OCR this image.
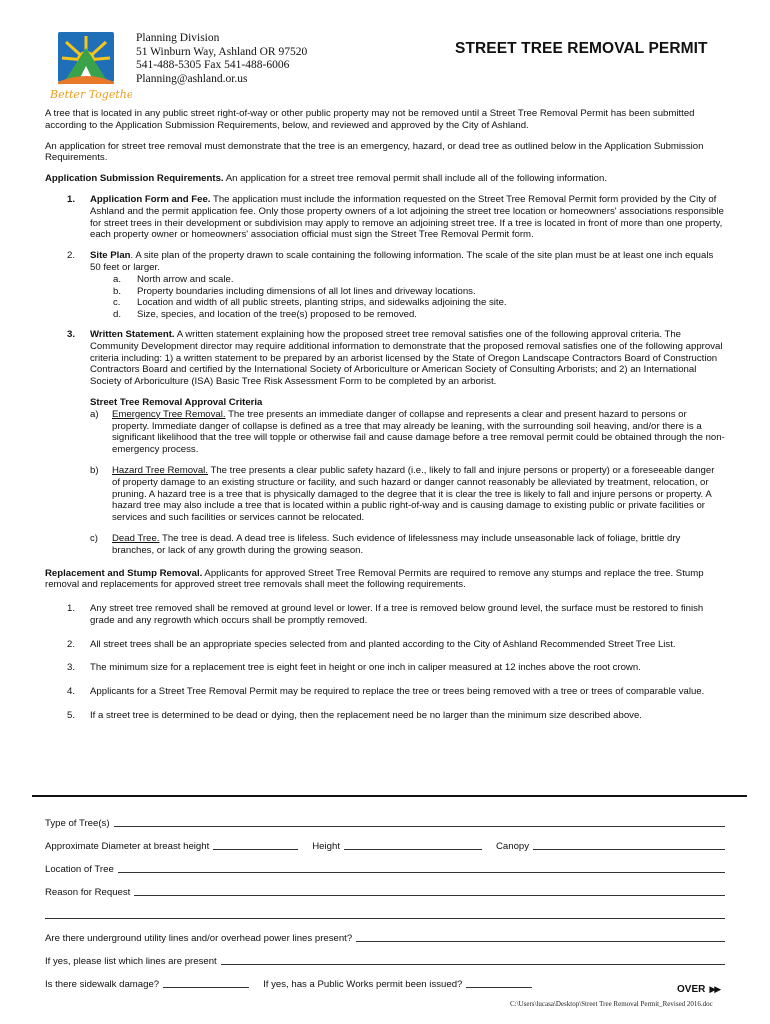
Better Together
Planning Division
51 Winburn Way, Ashland OR 97520
541-488-5305 Fax 541-488-6006
Planning@ashland.or.us
STREET TREE REMOVAL PERMIT

A tree that is located in any public street right-of-way or other public property may not be removed until a Street Tree Removal Permit has been submitted according to the Application Submission Requirements, below, and reviewed and approved by the City of Ashland.

An application for street tree removal must demonstrate that the tree is an emergency, hazard, or dead tree as outlined below in the Application Submission Requirements.

Application Submission Requirements. An application for a street tree removal permit shall include all of the following information.

1.	Application Form and Fee. The application must include the information requested on the Street Tree Removal Permit form provided by the City of Ashland and the permit application fee. Only those property owners of a lot adjoining the street tree location or homeowners' associations responsible for street trees in their development or subdivision may apply to remove an adjoining street tree. If a tree is located in front of more than one property, each property owner or homeowners' association official must sign the Street Tree Removal Permit form.
2.	Site Plan. A site plan of the property drawn to scale containing the following information. The scale of the site plan must be at least one inch equals 50 feet or larger.
a.	North arrow and scale.
b.	Property boundaries including dimensions of all lot lines and driveway locations.
c.	Location and width of all public streets, planting strips, and sidewalks adjoining the site.
d.	Size, species, and location of the tree(s) proposed to be removed.
3.	Written Statement. A written statement explaining how the proposed street tree removal satisfies one of the following approval criteria. The Community Development director may require additional information to demonstrate that the proposed removal satisfies one of the following approval criteria including: 1) a written statement to be prepared by an arborist licensed by the State of Oregon Landscape Contractors Board of Construction Contractors Board and certified by the International Society of Arboriculture or American Society of Consulting Arborists; and 2) an International Society of Arboriculture (ISA) Basic Tree Risk Assessment Form to be completed by an arborist.
Street Tree Removal Approval Criteria
a)	Emergency Tree Removal. The tree presents an immediate danger of collapse and represents a clear and present hazard to persons or property. Immediate danger of collapse is defined as a tree that may already be leaning, with the surrounding soil heaving, and/or there is a significant likelihood that the tree will topple or otherwise fail and cause damage before a tree removal permit could be obtained through the non-emergency process.
b)	Hazard Tree Removal. The tree presents a clear public safety hazard (i.e., likely to fall and injure persons or property) or a foreseeable danger of property damage to an existing structure or facility, and such hazard or danger cannot reasonably be alleviated by treatment, relocation, or pruning. A hazard tree is a tree that is physically damaged to the degree that it is clear the tree is likely to fall and injure persons or property. A hazard tree may also include a tree that is located within a public right-of-way and is causing damage to existing public or private facilities or services and such facilities or services cannot be relocated.
c)	Dead Tree. The tree is dead. A dead tree is lifeless. Such evidence of lifelessness may include unseasonable lack of foliage, brittle dry branches, or lack of any growth during the growing season.

Replacement and Stump Removal. Applicants for approved Street Tree Removal Permits are required to remove any stumps and replace the tree. Stump removal and replacements for approved street tree removals shall meet the following requirements.

1.	Any street tree removed shall be removed at ground level or lower. If a tree is removed below ground level, the surface must be restored to finish grade and any regrowth which occurs shall be promptly removed.
2.	All street trees shall be an appropriate species selected from and planted according to the City of Ashland Recommended Street Tree List.
3.	The minimum size for a replacement tree is eight feet in height or one inch in caliper measured at 12 inches above the root crown.
4.	Applicants for a Street Tree Removal Permit may be required to replace the tree or trees being removed with a tree or trees of comparable value.
5.	If a street tree is determined to be dead or dying, then the replacement need be no larger than the minimum size described above.
Type of Tree(s)
Approximate Diameter at breast height	Height	Canopy
Location of Tree
Reason for Request
Are there underground utility lines and/or overhead power lines present?
If yes, please list which lines are present
Is there sidewalk damage?	If yes, has a Public Works permit been issued?	OVER ▶▶
C:\Users\lucasa\Desktop\Street Tree Removal Permit_Revised 2016.doc
